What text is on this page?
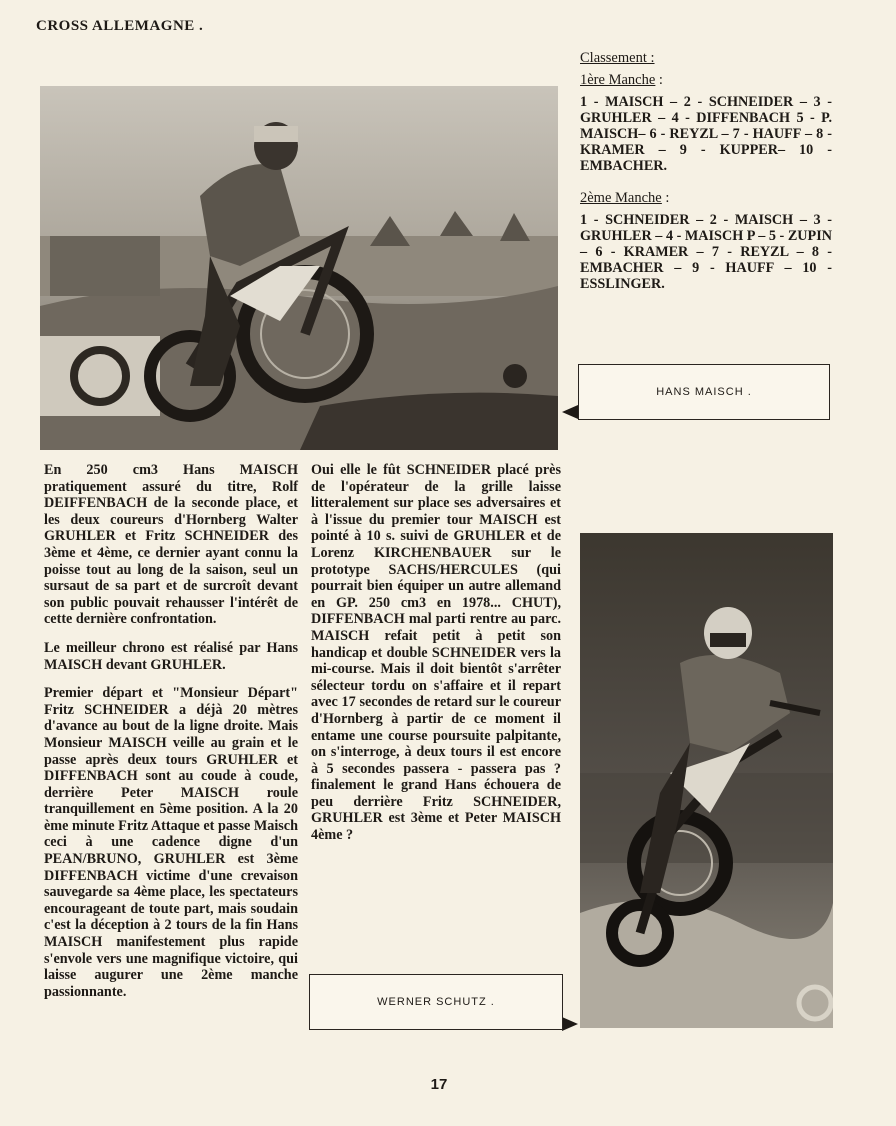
CROSS ALLEMAGNE .
Classement :
1ère Manche :
1 - MAISCH – 2 - SCHNEIDER – 3 - GRUHLER – 4 - DIFFENBACH 5 - P. MAISCH– 6 - REYZL – 7 - HAUFF – 8 - KRAMER – 9 - KUPPER– 10 - EMBACHER.
2ème Manche :
1 - SCHNEIDER – 2 - MAISCH – 3 - GRUHLER – 4 - MAISCH P – 5 - ZUPIN – 6 - KRAMER – 7 - REYZL – 8 - EMBACHER – 9 - HAUFF – 10 - ESSLINGER.
HANS MAISCH .

En 250 cm3 Hans MAISCH pratiquement assuré du titre, Rolf DEIFFENBACH de la seconde place, et les deux coureurs d'Hornberg Walter GRUHLER et Fritz SCHNEIDER des 3ème et 4ème, ce dernier ayant connu la poisse tout au long de la saison, seul un sursaut de sa part et de surcroît devant son public pouvait rehausser l'intérêt de cette dernière confrontation.

Le meilleur chrono est réalisé par Hans MAISCH devant GRUHLER.

Premier départ et "Monsieur Départ" Fritz SCHNEIDER a déjà 20 mètres d'avance au bout de la ligne droite. Mais Monsieur MAISCH veille au grain et le passe après deux tours GRUHLER et DIFFENBACH sont au coude à coude, derrière Peter MAISCH roule tranquillement en 5ème position. A la 20 ème minute Fritz Attaque et passe Maisch ceci à une cadence digne d'un PEAN/BRUNO, GRUHLER est 3ème DIFFENBACH victime d'une crevaison sauvegarde sa 4ème place, les spectateurs encourageant de toute part, mais soudain c'est la déception à 2 tours de la fin Hans MAISCH manifestement plus rapide s'envole vers une magnifique victoire, qui laisse augurer une 2ème manche passionnante.

Oui elle le fût SCHNEIDER placé près de l'opérateur de la grille laisse litteralement sur place ses adversaires et à l'issue du premier tour MAISCH est pointé à 10 s. suivi de GRUHLER et de Lorenz KIRCHENBAUER sur le prototype SACHS/HERCULES (qui pourrait bien équiper un autre allemand en GP. 250 cm3 en 1978... CHUT), DIFFENBACH mal parti rentre au parc. MAISCH refait petit à petit son handicap et double SCHNEIDER vers la mi-course. Mais il doit bientôt s'arrêter sélecteur tordu on s'affaire et il repart avec 17 secondes de retard sur le coureur d'Hornberg à partir de ce moment il entame une course poursuite palpitante, on s'interroge, à deux tours il est encore à 5 secondes passera - passera pas ? finalement le grand Hans échouera de peu derrière Fritz SCHNEIDER, GRUHLER est 3ème et Peter MAISCH 4ème ?

WERNER SCHUTZ .
17
